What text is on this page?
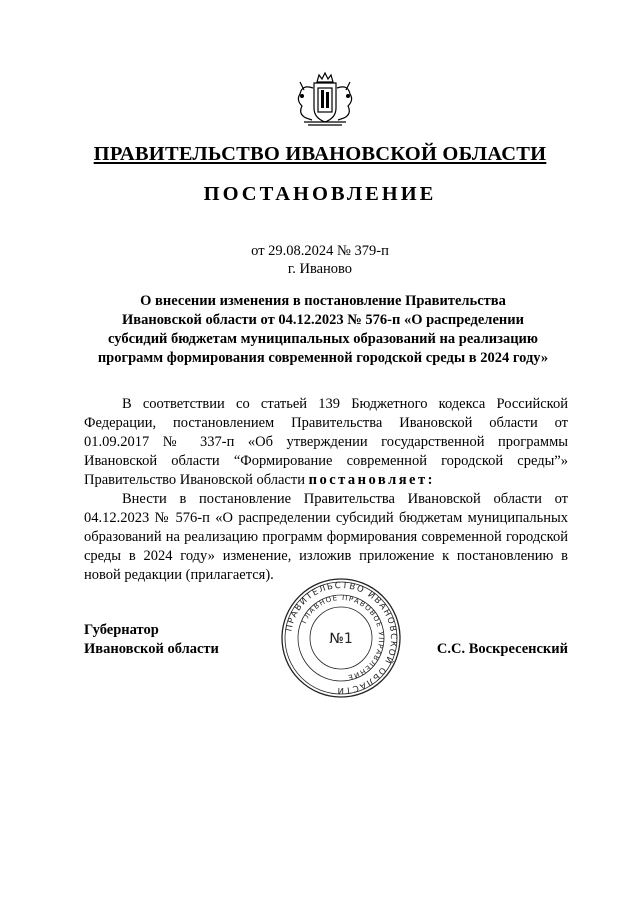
ПРАВИТЕЛЬСТВО ИВАНОВСКОЙ ОБЛАСТИ
ПОСТАНОВЛЕНИЕ
от 29.08.2024 № 379-п
г. Иваново
О внесении изменения в постановление Правительства
Ивановской области от 04.12.2023 № 576-п «О распределении
субсидий бюджетам муниципальных образований на реализацию
программ формирования современной городской среды в 2024 году»

В соответствии со статьей 139 Бюджетного кодекса Российской Федерации, постановлением Правительства Ивановской области от 01.09.2017 № 337-п «Об утверждении государственной программы Ивановской области “Формирование современной городской среды”» Правительство Ивановской области постановляет:

Внести в постановление Правительства Ивановской области от 04.12.2023 № 576-п «О распределении субсидий бюджетам муниципальных образований на реализацию программ формирования современной городской среды в 2024 году» изменение, изложив приложение к постановлению в новой редакции (прилагается).

Губернатор
Ивановской области
ПРАВИТЕЛЬСТВО ИВАНОВСКОЙ ОБЛАСТИ
ГЛАВНОЕ ПРАВОВОЕ УПРАВЛЕНИЕ
№1
С.С. Воскресенский
